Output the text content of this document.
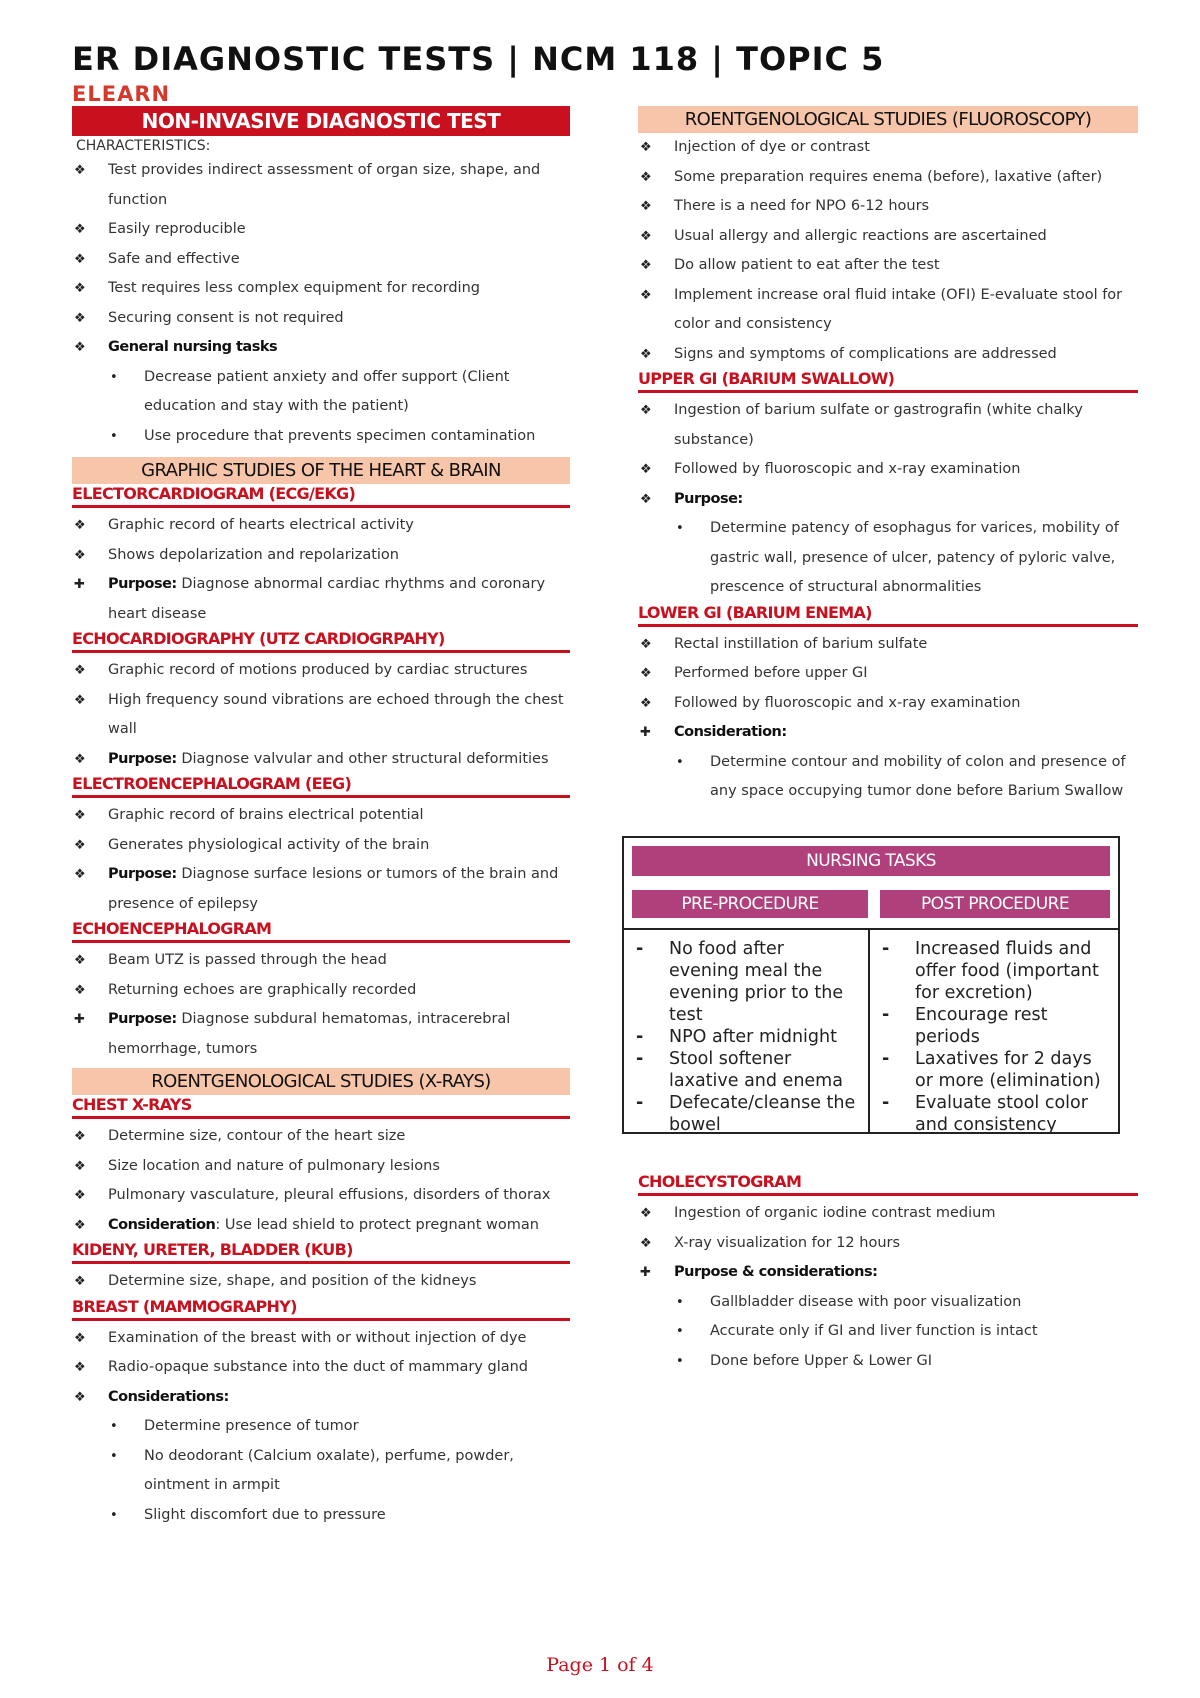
ER DIAGNOSTIC TESTS | NCM 118 | TOPIC 5
ELEARN
NON-INVASIVE DIAGNOSTIC TEST
CHARACTERISTICS:
❖ Test provides indirect assessment of organ size, shape, and function
❖ Easily reproducible
❖ Safe and effective
❖ Test requires less complex equipment for recording
❖ Securing consent is not required
❖ General nursing tasks
• Decrease patient anxiety and offer support (Client education and stay with the patient)
• Use procedure that prevents specimen contamination
GRAPHIC STUDIES OF THE HEART & BRAIN
ELECTORCARDIOGRAM (ECG/EKG)
❖ Graphic record of hearts electrical activity
❖ Shows depolarization and repolarization
✚ Purpose: Diagnose abnormal cardiac rhythms and coronary heart disease
ECHOCARDIOGRAPHY (UTZ CARDIOGRPAHY)
❖ Graphic record of motions produced by cardiac structures
❖ High frequency sound vibrations are echoed through the chest wall
❖ Purpose: Diagnose valvular and other structural deformities
ELECTROENCEPHALOGRAM (EEG)
❖ Graphic record of brains electrical potential
❖ Generates physiological activity of the brain
❖ Purpose: Diagnose surface lesions or tumors of the brain and presence of epilepsy
ECHOENCEPHALOGRAM
❖ Beam UTZ is passed through the head
❖ Returning echoes are graphically recorded
✚ Purpose: Diagnose subdural hematomas, intracerebral hemorrhage, tumors
ROENTGENOLOGICAL STUDIES (X-RAYS)
CHEST X-RAYS
❖ Determine size, contour of the heart size
❖ Size location and nature of pulmonary lesions
❖ Pulmonary vasculature, pleural effusions, disorders of thorax
❖ Consideration: Use lead shield to protect pregnant woman
KIDENY, URETER, BLADDER (KUB)
❖ Determine size, shape, and position of the kidneys
BREAST (MAMMOGRAPHY)
❖ Examination of the breast with or without injection of dye
❖ Radio-opaque substance into the duct of mammary gland
❖ Considerations:
• Determine presence of tumor
• No deodorant (Calcium oxalate), perfume, powder, ointment in armpit
• Slight discomfort due to pressure
ROENTGENOLOGICAL STUDIES (FLUOROSCOPY)
❖ Injection of dye or contrast
❖ Some preparation requires enema (before), laxative (after)
❖ There is a need for NPO 6-12 hours
❖ Usual allergy and allergic reactions are ascertained
❖ Do allow patient to eat after the test
❖ Implement increase oral fluid intake (OFI) E-evaluate stool for color and consistency
❖ Signs and symptoms of complications are addressed
UPPER GI (BARIUM SWALLOW)
❖ Ingestion of barium sulfate or gastrografin (white chalky substance)
❖ Followed by fluoroscopic and x-ray examination
❖ Purpose:
• Determine patency of esophagus for varices, mobility of gastric wall, presence of ulcer, patency of pyloric valve, prescence of structural abnormalities
LOWER GI (BARIUM ENEMA)
❖ Rectal instillation of barium sulfate
❖ Performed before upper GI
❖ Followed by fluoroscopic and x-ray examination
✚ Consideration:
• Determine contour and mobility of colon and presence of any space occupying tumor done before Barium Swallow
NURSING TASKS
PRE-PROCEDURE	POST PROCEDURE
- No food after evening meal the evening prior to the test
- NPO after midnight
- Stool softener laxative and enema
- Defecate/cleanse the bowel
- Increased fluids and offer food (important for excretion)
- Encourage rest periods
- Laxatives for 2 days or more (elimination)
- Evaluate stool color and consistency
CHOLECYSTOGRAM
❖ Ingestion of organic iodine contrast medium
❖ X-ray visualization for 12 hours
✚ Purpose & considerations:
• Gallbladder disease with poor visualization
• Accurate only if GI and liver function is intact
• Done before Upper & Lower GI
Page 1 of 4
